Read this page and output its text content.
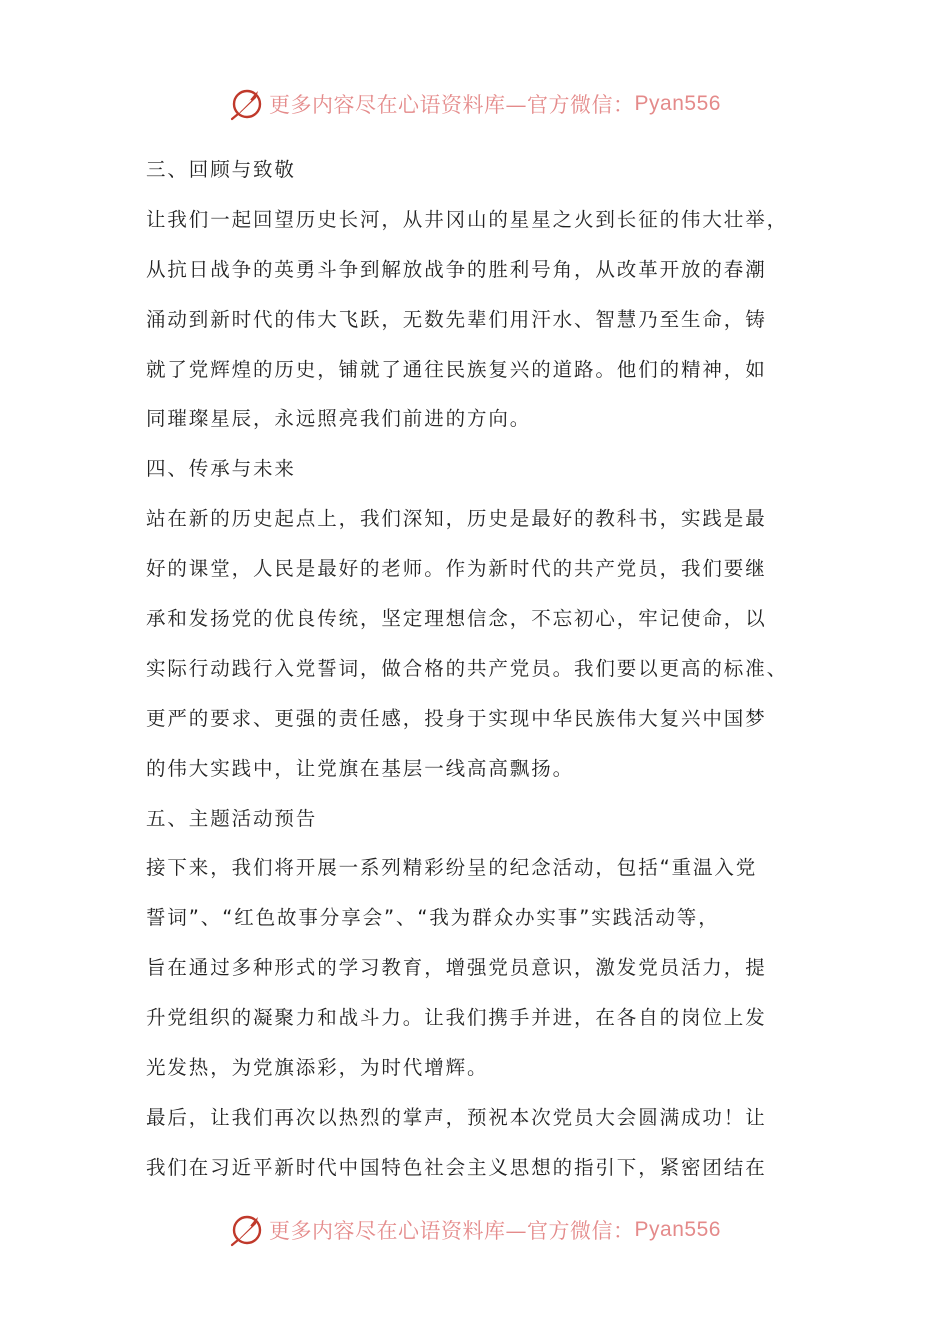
更多内容尽在心语资料库—官方微信： Pyan556
三、回顾与致敬
让我们一起回望历史长河，从井冈山的星星之火到长征的伟大壮举，
从抗日战争的英勇斗争到解放战争的胜利号角，从改革开放的春潮
涌动到新时代的伟大飞跃，无数先辈们用汗水、智慧乃至生命，铸
就了党辉煌的历史，铺就了通往民族复兴的道路。他们的精神，如
同璀璨星辰，永远照亮我们前进的方向。
四、传承与未来
站在新的历史起点上，我们深知，历史是最好的教科书，实践是最
好的课堂，人民是最好的老师。作为新时代的共产党员，我们要继
承和发扬党的优良传统，坚定理想信念，不忘初心，牢记使命，以
实际行动践行入党誓词，做合格的共产党员。我们要以更高的标准、
更严的要求、更强的责任感，投身于实现中华民族伟大复兴中国梦
的伟大实践中，让党旗在基层一线高高飘扬。
五、主题活动预告
接下来，我们将开展一系列精彩纷呈的纪念活动，包括“重温入党
誓词”、“红色故事分享会”、“我为群众办实事”实践活动等，
旨在通过多种形式的学习教育，增强党员意识，激发党员活力，提
升党组织的凝聚力和战斗力。让我们携手并进，在各自的岗位上发
光发热，为党旗添彩，为时代增辉。
最后，让我们再次以热烈的掌声，预祝本次党员大会圆满成功！让
我们在习近平新时代中国特色社会主义思想的指引下，紧密团结在
更多内容尽在心语资料库—官方微信： Pyan556
